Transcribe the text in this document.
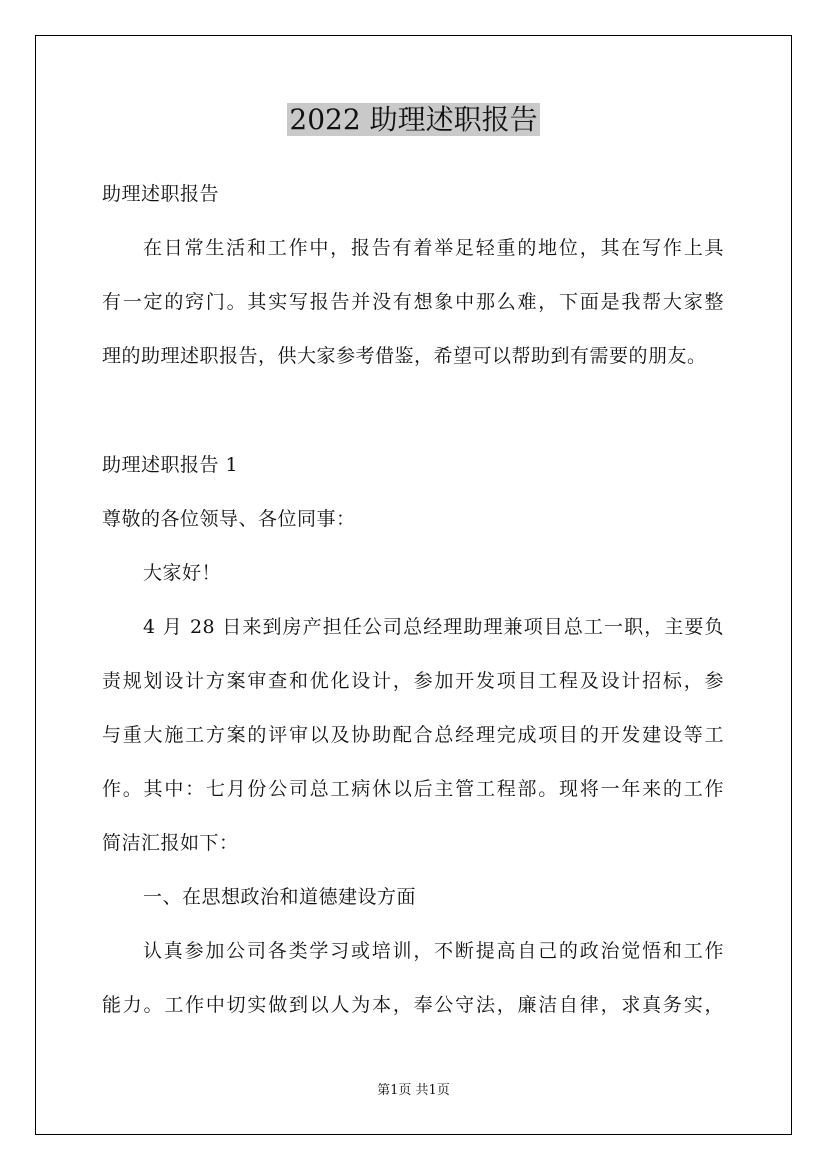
2022 助理述职报告
助理述职报告
在日常生活和工作中，报告有着举足轻重的地位，其在写作上具
有一定的窍门。其实写报告并没有想象中那么难，下面是我帮大家整
理的助理述职报告，供大家参考借鉴，希望可以帮助到有需要的朋友。
助理述职报告 1
尊敬的各位领导、各位同事：
大家好！
4 月 28 日来到房产担任公司总经理助理兼项目总工一职，主要负
责规划设计方案审查和优化设计，参加开发项目工程及设计招标，参
与重大施工方案的评审以及协助配合总经理完成项目的开发建设等工
作。其中：七月份公司总工病休以后主管工程部。现将一年来的工作
简洁汇报如下：
一、在思想政治和道德建设方面
认真参加公司各类学习或培训，不断提高自己的政治觉悟和工作
能力。工作中切实做到以人为本，奉公守法，廉洁自律，求真务实，
第1页 共1页
